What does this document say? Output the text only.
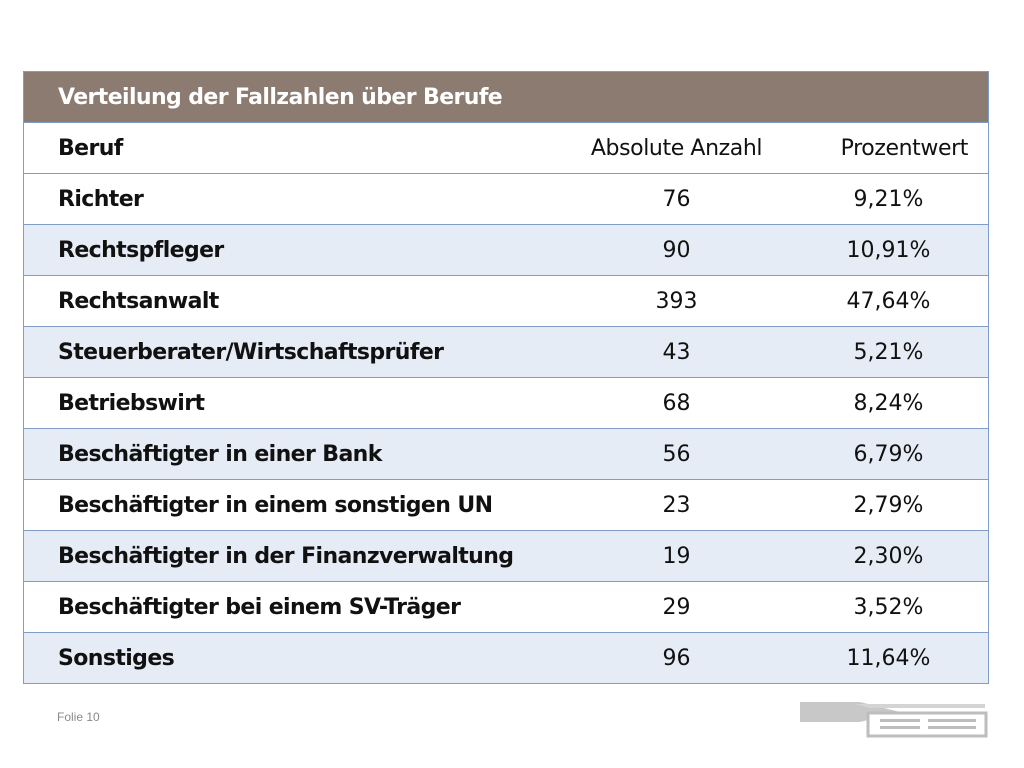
Verteilung der Fallzahlen über Berufe		
Beruf	Absolute Anzahl	Prozentwert
Richter	76	9,21%
Rechtspfleger	90	10,91%
Rechtsanwalt	393	47,64%
Steuerberater/Wirtschaftsprüfer	43	5,21%
Betriebswirt	68	8,24%
Beschäftigter in einer Bank	56	6,79%
Beschäftigter in einem sonstigen UN	23	2,79%
Beschäftigter in der Finanzverwaltung	19	2,30%
Beschäftigter bei einem SV-Träger	29	3,52%
Sonstiges	96	11,64%
Folie 10
